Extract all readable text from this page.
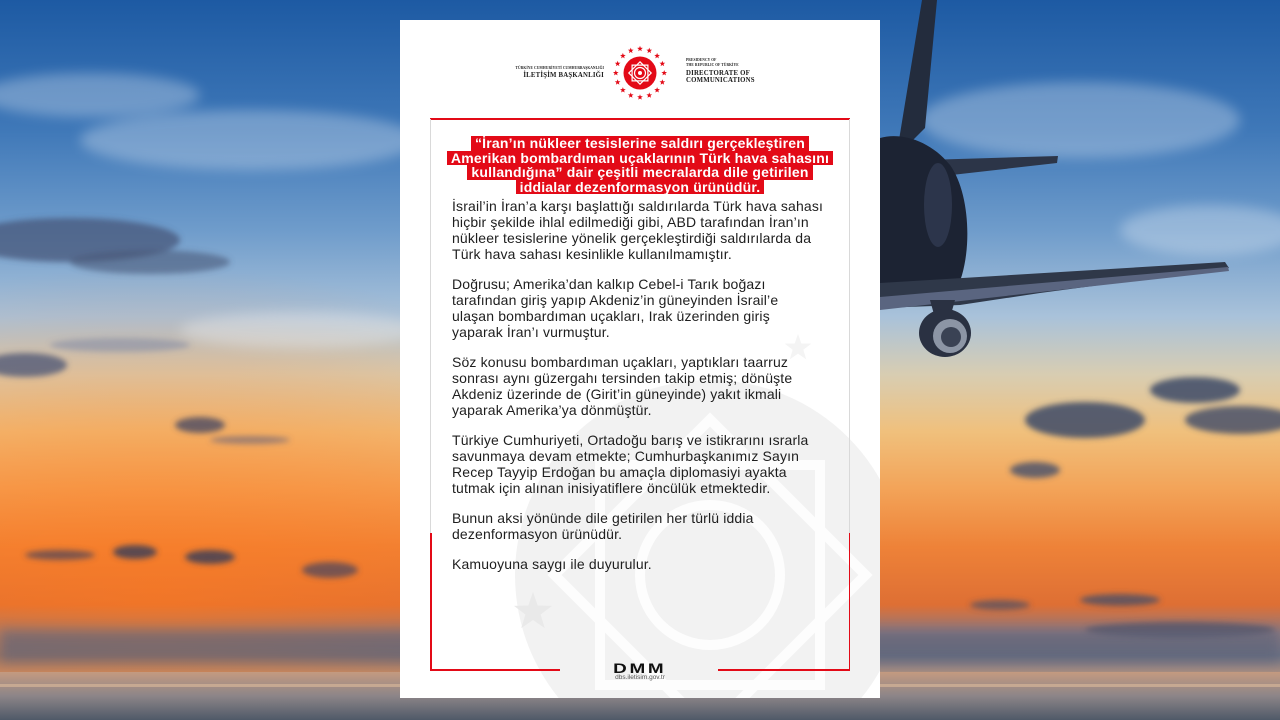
TÜRKİYE CUMHURİYETİ CUMHURBAŞKANLIĞI
İLETİŞİM BAŞKANLIĞI
PRESIDENCY OF
THE REPUBLIC OF TÜRKİYE
DIRECTORATE OF
COMMUNICATIONS
“İran’ın nükleer tesislerine saldırı gerçekleştiren
Amerikan bombardıman uçaklarının Türk hava sahasını
kullandığına” dair çeşitli mecralarda dile getirilen
iddialar dezenformasyon ürünüdür.
İsrail’in İran’a karşı başlattığı saldırılarda Türk hava sahası
hiçbir şekilde ihlal edilmediği gibi, ABD tarafından İran’ın
nükleer tesislerine yönelik gerçekleştirdiği saldırılarda da
Türk hava sahası kesinlikle kullanılmamıştır.
Doğrusu; Amerika’dan kalkıp Cebel-i Tarık boğazı
tarafından giriş yapıp Akdeniz’in güneyinden İsrail’e
ulaşan bombardıman uçakları, Irak üzerinden giriş
yaparak İran’ı vurmuştur.
Söz konusu bombardıman uçakları, yaptıkları taarruz
sonrası aynı güzergahı tersinden takip etmiş; dönüşte
Akdeniz üzerinde de (Girit’in güneyinde) yakıt ikmali
yaparak Amerika’ya dönmüştür.
Türkiye Cumhuriyeti, Ortadoğu barış ve istikrarını ısrarla
savunmaya devam etmekte; Cumhurbaşkanımız Sayın
Recep Tayyip Erdoğan bu amaçla diplomasiyi ayakta
tutmak için alınan inisiyatiflere öncülük etmektedir.
Bunun aksi yönünde dile getirilen her türlü iddia
dezenformasyon ürünüdür.
Kamuoyuna saygı ile duyurulur.
DMM
dbs.iletisim.gov.tr
